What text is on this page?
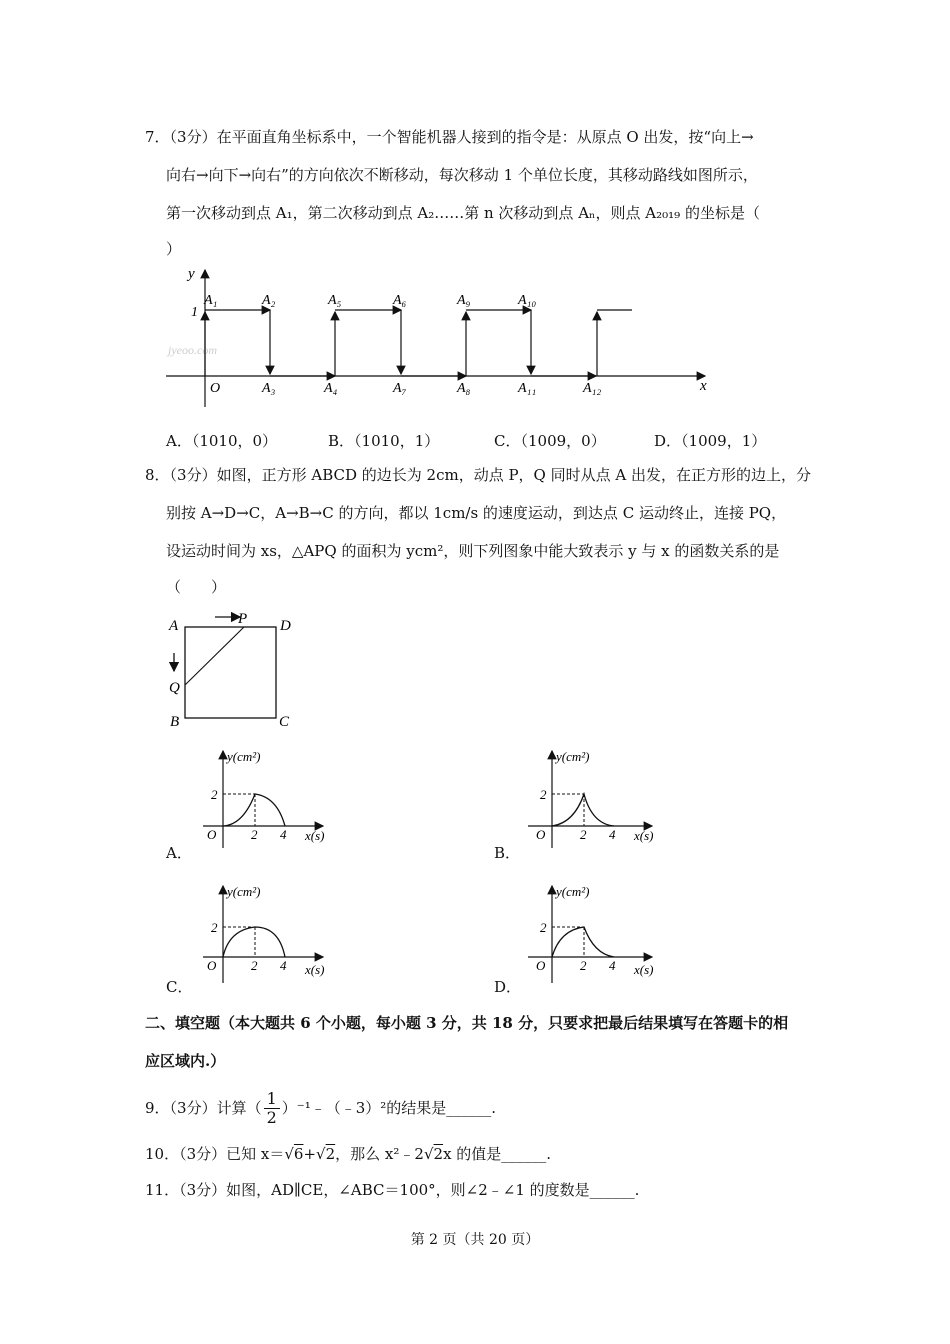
7．（3分）在平面直角坐标系中，一个智能机器人接到的指令是：从原点 O 出发，按“向上→
向右→向下→向右”的方向依次不断移动，每次移动 1 个单位长度，其移动路线如图所示，
第一次移动到点 A₁，第二次移动到点 A₂……第 n 次移动到点 Aₙ，则点 A₂₀₁₉ 的坐标是（
）
y
x
1
O
jyeoo.com
A₁	A₂	A₅	A₆	A₉	A₁₀
A₃	A₄	A₇	A₈	A₁₁	A₁₂
A．（1010，0）	B．（1010，1）	C．（1009，0）	D．（1009，1）
8．（3分）如图，正方形 ABCD 的边长为 2cm，动点 P，Q 同时从点 A 出发，在正方形的边上，分
别按 A→D→C，A→B→C 的方向，都以 1cm/s 的速度运动，到达点 C 运动终止，连接 PQ，
设运动时间为 xs，△APQ 的面积为 ycm²，则下列图象中能大致表示 y 与 x 的函数关系的是
（　　）
A	P D
Q
B	C
y(cm²)
x(s)
O
2
2 4
A．
y(cm²)
x(s)
O
2
2 4
B．
y(cm²)
x(s)
O
2
2 4
C．
y(cm²)
x(s)
O
2
2 4
D．
二、填空题（本大题共 6 个小题，每小题 3 分，共 18 分，只要求把最后结果填写在答题卡的相
应区域内.）
9．（3分）计算（ $\frac{1}{2}$ ）⁻¹﹣（﹣3）²的结果是______.
10．（3分）已知 x＝√6+√2，那么 x²﹣2√2x 的值是______.
11．（3分）如图，AD∥CE，∠ABC＝100°，则∠2﹣∠1 的度数是______.
第 2 页（共 20 页）
